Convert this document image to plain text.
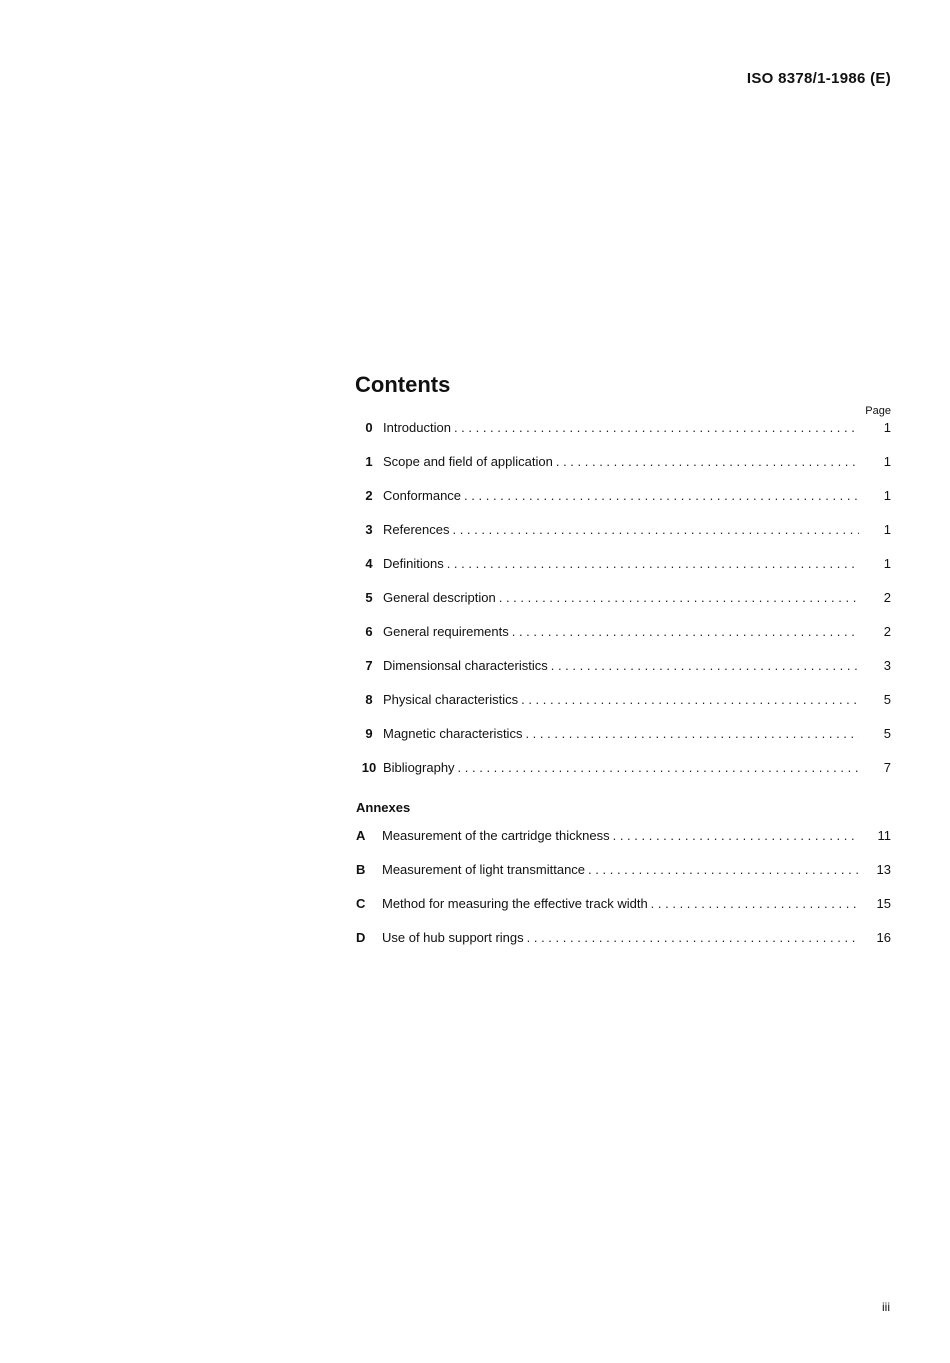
ISO 8378/1-1986 (E)
Contents
Page
0 Introduction . . .	1
1 Scope and field of application . . .	1
2 Conformance . . .	1
3 References . . .	1
4 Definitions . . .	1
5 General description . . .	2
6 General requirements . . .	2
7 Dimensionsal characteristics . . .	3
8 Physical characteristics . . .	5
9 Magnetic characteristics . . .	5
10 Bibliography . . .	7
Annexes
A	Measurement of the cartridge thickness . . .	11
B	Measurement of light transmittance . . .	13
C	Method for measuring the effective track width . . .	15
D	Use of hub support rings . . .	16
iii
